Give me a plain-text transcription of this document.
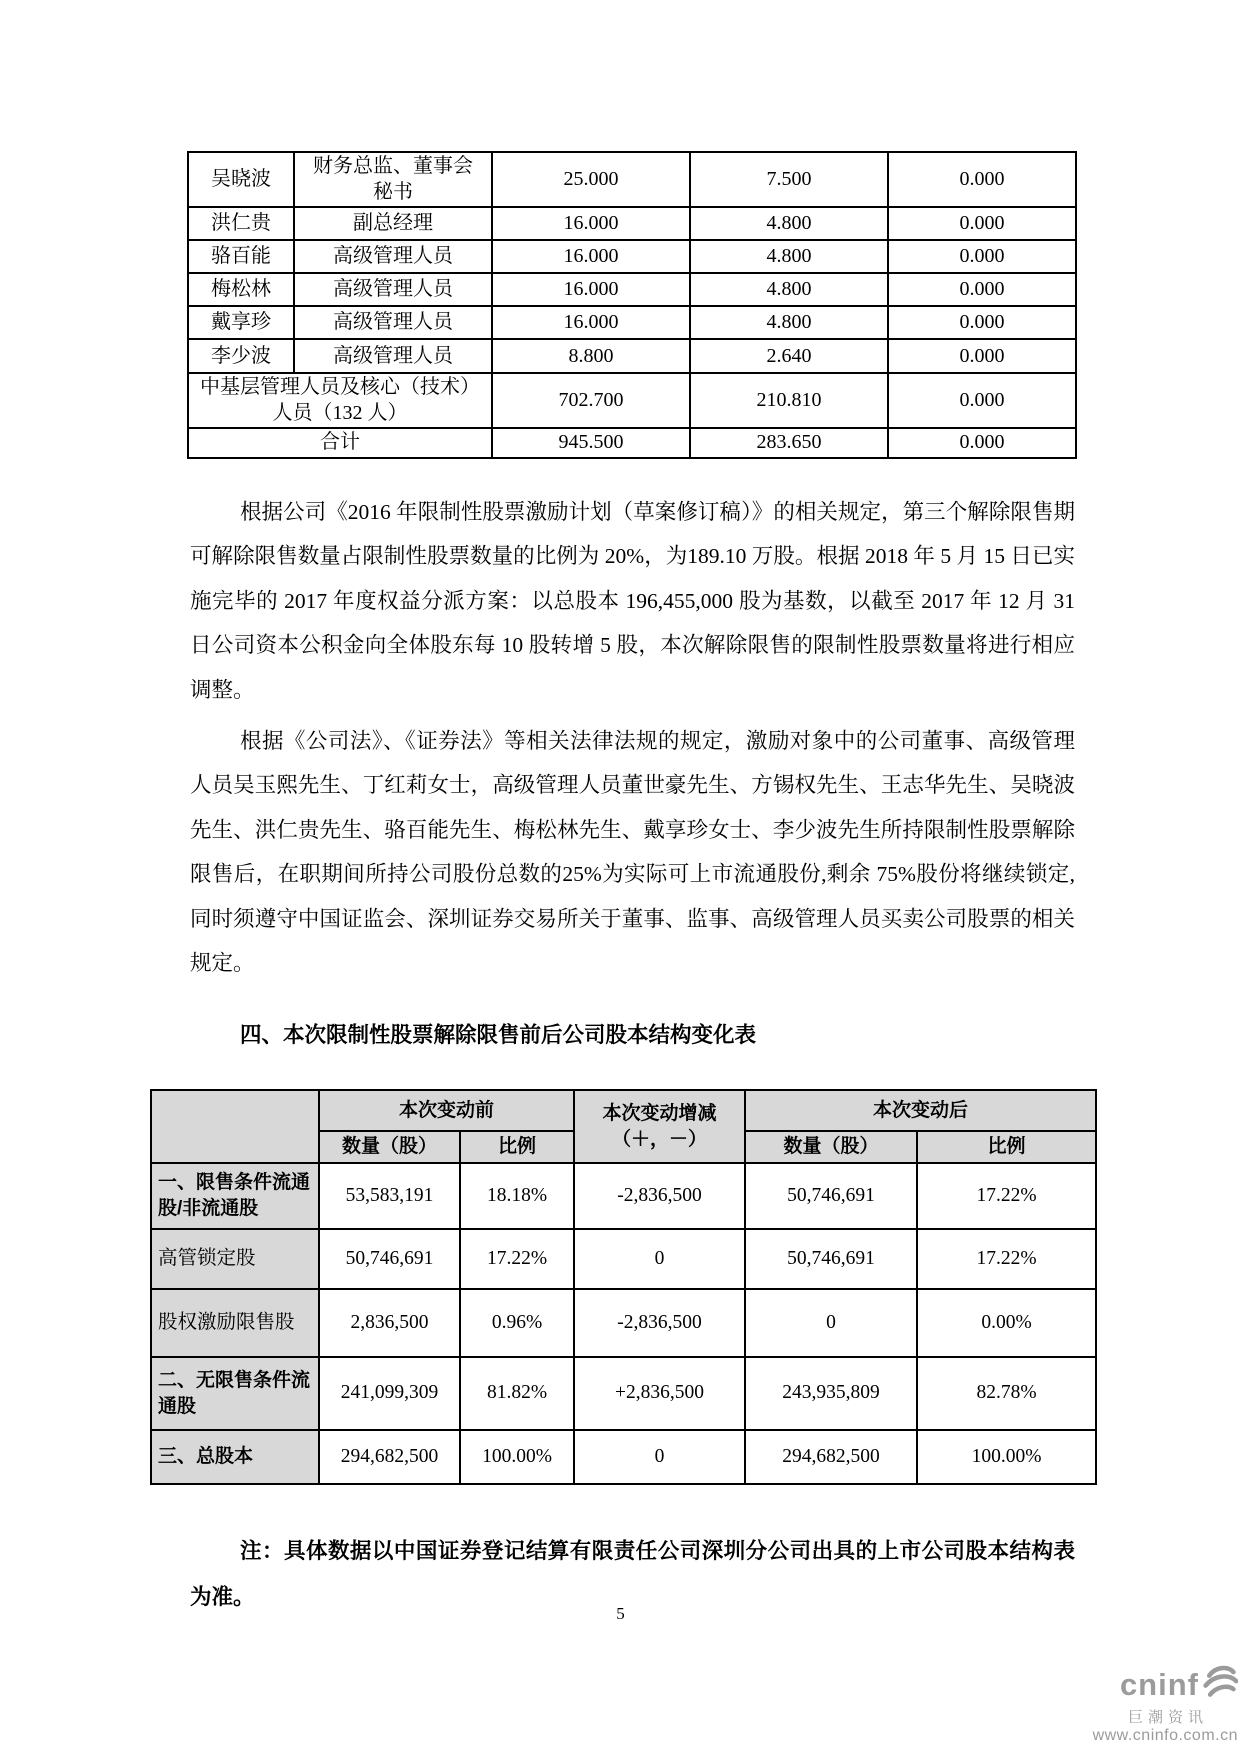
吴晓波	财务总监、董事会秘书	25.000	7.500	0.000
洪仁贵	副总经理	16.000	4.800	0.000
骆百能	高级管理人员	16.000	4.800	0.000
梅松林	高级管理人员	16.000	4.800	0.000
戴享珍	高级管理人员	16.000	4.800	0.000
李少波	高级管理人员	8.800	2.640	0.000
中基层管理人员及核心（技术）人员（132 人）		702.700	210.810	0.000
合计		945.500	283.650	0.000

根据公司《2016 年限制性股票激励计划（草案修订稿）》的相关规定，第三个解除限售期可解除限售数量占限制性股票数量的比例为 20%，为189.10 万股。根据 2018 年 5 月 15 日已实施完毕的 2017 年度权益分派方案：以总股本 196,455,000 股为基数，以截至 2017 年 12 月 31 日公司资本公积金向全体股东每 10 股转增 5 股，本次解除限售的限制性股票数量将进行相应调整。

根据《公司法》、《证券法》等相关法律法规的规定，激励对象中的公司董事、高级管理人员吴玉熙先生、丁红莉女士，高级管理人员董世豪先生、方锡权先生、王志华先生、吴晓波先生、洪仁贵先生、骆百能先生、梅松林先生、戴享珍女士、李少波先生所持限制性股票解除限售后，在职期间所持公司股份总数的25%为实际可上市流通股份,剩余 75%股份将继续锁定,同时须遵守中国证监会、深圳证券交易所关于董事、监事、高级管理人员买卖公司股票的相关规定。

四、本次限制性股票解除限售前后公司股本结构变化表
	本次变动前		本次变动增减（＋，－）	本次变动后	
	数量（股）	比例		数量（股）	比例
一、限售条件流通股/非流通股	53,583,191	18.18%	-2,836,500	50,746,691	17.22%
高管锁定股	50,746,691	17.22%	0	50,746,691	17.22%
股权激励限售股	2,836,500	0.96%	-2,836,500	0	0.00%
二、无限售条件流通股	241,099,309	81.82%	+2,836,500	243,935,809	82.78%
三、总股本	294,682,500	100.00%	0	294,682,500	100.00%

注：具体数据以中国证券登记结算有限责任公司深圳分公司出具的上市公司股本结构表为准。

5
cninf
巨潮资讯
www.cninfo.com.cn
